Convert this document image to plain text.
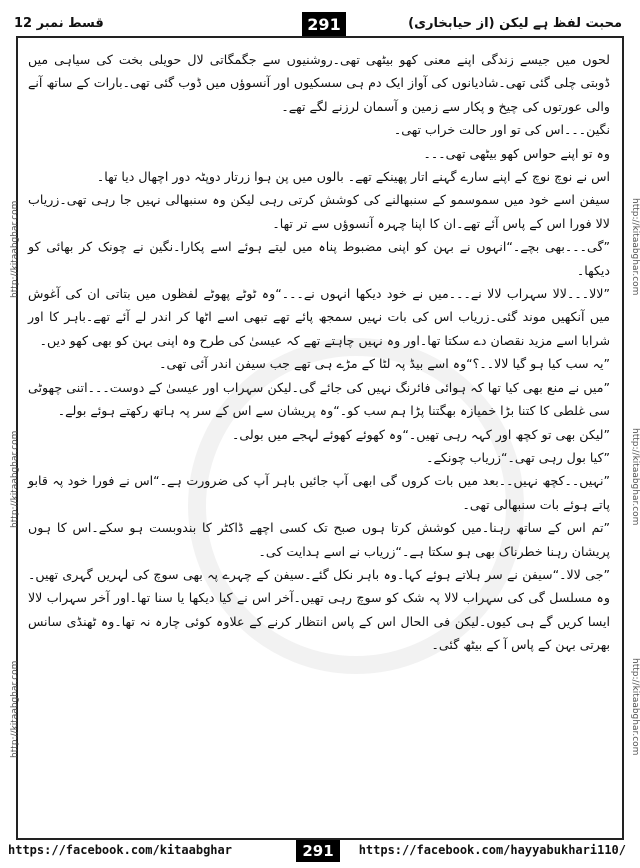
محبت لفظ ہے لیکن (از حیابخاری)
291
قسط نمبر 12
http://kitaabghar.com
http://kitaabghar.com
http://kitaabghar.com
http://kitaabghar.com
http://kitaabghar.com
http://kitaabghar.com

لحوں میں جیسے زندگی اپنے معنی کھو بیٹھی تھی۔روشنیوں سے جگمگاتی لال حویلی بخت کی سیاہی میں ڈوبتی چلی گئی تھی۔شادیانوں کی آواز ایک دم ہی سسکیوں اور آنسوؤں میں ڈوب گئی تھی۔بارات کے ساتھ آنے والی عورتوں کی چیخ و پکار سے زمین و آسمان لرزنے لگے تھے۔

نگین۔۔۔اس کی تو اور حالت خراب تھی۔

وہ تو اپنے حواس کھو بیٹھی تھی۔۔۔

اس نے نوچ نوچ کے اپنے سارے گہنے اتار پھینکے تھے۔ بالوں میں پن ہوا زرتار دوپٹہ دور اچھال دیا تھا۔

سیفن اسے خود میں سموسمو کے سنبھالنے کی کوشش کرتی رہی لیکن وہ سنبھالی نہیں جا رہی تھی۔زریاب لالا فورا اس کے پاس آئے تھے۔ان کا اپنا چہرہ آنسوؤں سے تر تھا۔

”گی۔۔۔بھی بچے۔“انہوں نے بہن کو اپنی مضبوط پناہ میں لیتے ہوئے اسے پکارا۔نگین نے چونک کر بھائی کو دیکھا۔

”لالا۔۔۔لالا سہراب لالا نے۔۔۔میں نے خود دیکھا انہوں نے۔۔۔“وہ ٹوٹے پھوٹے لفظوں میں بتاتی ان کی آغوش میں آنکھیں موند گئی۔زریاب اس کی بات نہیں سمجھ پائے تھے تبھی اسے اٹھا کر اندر لے آئے تھے۔باہر کا اور شرابا اسے مزید نقصان دے سکتا تھا۔اور وہ نہیں چاہتے تھے کہ عیسیٰ کی طرح وہ اپنی بہن کو بھی کھو دیں۔

”یہ سب کیا ہو گیا لالا۔۔؟“وہ اسے بیڈ پہ لٹا کے مڑے ہی تھے جب سیفن اندر آئی تھی۔

”میں نے منع بھی کیا تھا کہ ہوائی فائرنگ نہیں کی جائے گی۔لیکن سہراب اور عیسیٰ کے دوست۔۔۔اتنی چھوٹی سی غلطی کا کتنا بڑا خمیازہ بھگتنا پڑا ہم سب کو۔“وہ پریشان سے اس کے سر پہ ہاتھ رکھتے ہوئے بولے۔

”لیکن بھی تو کچھ اور کہہ رہی تھیں۔“وہ کھوئے کھوئے لہجے میں بولی۔

”کیا بول رہی تھی۔“زریاب چونکے۔

”نہیں۔۔کچھ نہیں۔۔بعد میں بات کروں گی ابھی آپ جائیں باہر آپ کی ضرورت ہے۔“اس نے فورا خود پہ قابو پاتے ہوئے بات سنبھالی تھی۔

”تم اس کے ساتھ رہنا۔میں کوشش کرتا ہوں صبح تک کسی اچھے ڈاکٹر کا بندوبست ہو سکے۔اس کا ہوں پریشان رہنا خطرناک بھی ہو سکتا ہے۔“زریاب نے اسے ہدایت کی۔

”جی لالا۔“سیفن نے سر ہلاتے ہوئے کہا۔وہ باہر نکل گئے۔سیفن کے چہرے پہ بھی سوچ کی لہریں گہری تھیں۔وہ مسلسل گی کی سہراب لالا پہ شک کو سوچ رہی تھیں۔آخر اس نے کیا دیکھا یا سنا تھا۔اور آخر سہراب لالا ایسا کریں گے ہی کیوں۔لیکن فی الحال اس کے پاس انتظار کرنے کے علاوہ کوئی چارہ نہ تھا۔وہ ٹھنڈی سانس بھرتی بہن کے پاس آ کے بیٹھ گئی۔

https://facebook.com/kitaabghar	291	https://facebook.com/hayyabukhari110/
